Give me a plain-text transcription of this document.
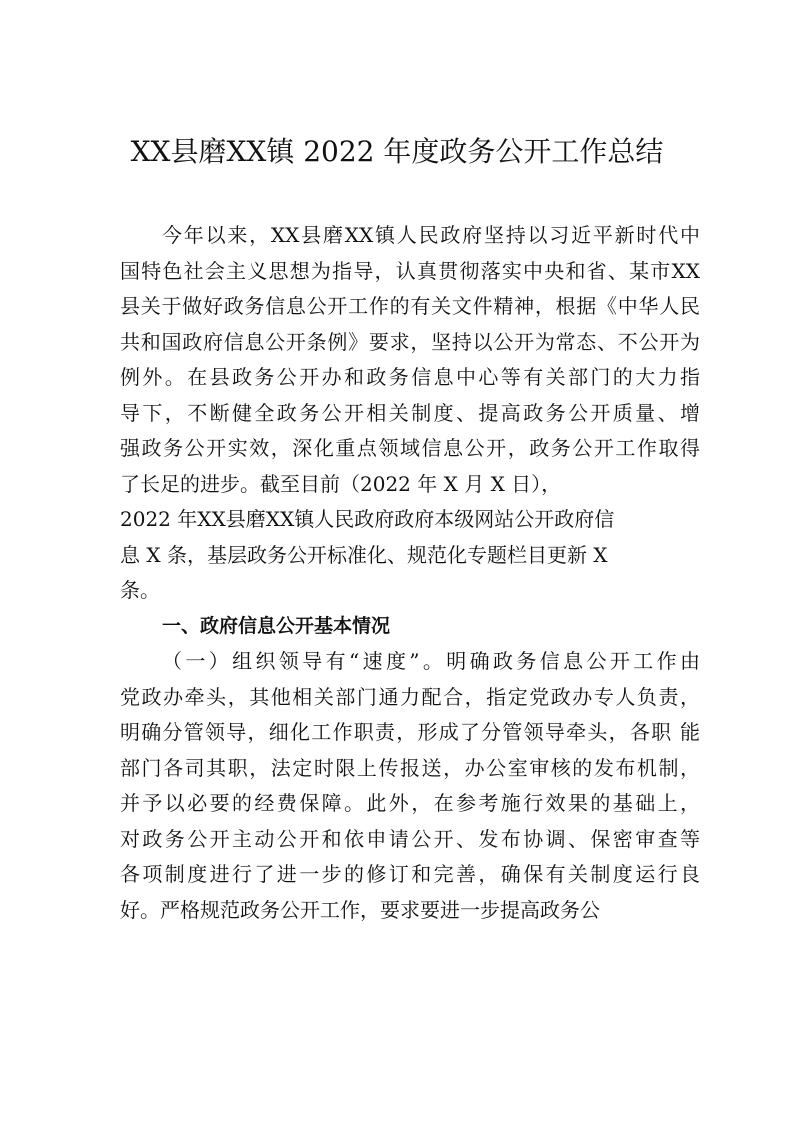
XX县磨XX镇 2022 年度政务公开工作总结
今年以来，XX县磨XX镇人民政府坚持以习近平新时代中
国特色社会主义思想为指导，认真贯彻落实中央和省、某市XX
县关于做好政务信息公开工作的有关文件精神，根据《中华人民
共和国政府信息公开条例》要求，坚持以公开为常态、不公开为
例外。在县政务公开办和政务信息中心等有关部门的大力指
导下，不断健全政务公开相关制度、提高政务公开质量、增
强政务公开实效，深化重点领域信息公开，政务公开工作取得
了长足的进步。截至目前（2022 年 X 月 X 日），
2022 年XX县磨XX镇人民政府政府本级网站公开政府信
息 X 条，基层政务公开标准化、规范化专题栏目更新 X
条。
一、政府信息公开基本情况
（一）组织领导有“速度”。明确政务信息公开工作由
党政办牵头，其他相关部门通力配合，指定党政办专人负责，
明确分管领导，细化工作职责，形成了分管领导牵头，各职 能
部门各司其职，法定时限上传报送，办公室审核的发布机制，
并予以必要的经费保障。此外，在参考施行效果的基础上，
对政务公开主动公开和依申请公开、发布协调、保密审查等
各项制度进行了进一步的修订和完善，确保有关制度运行良
好。严格规范政务公开工作，要求要进一步提高政务公
